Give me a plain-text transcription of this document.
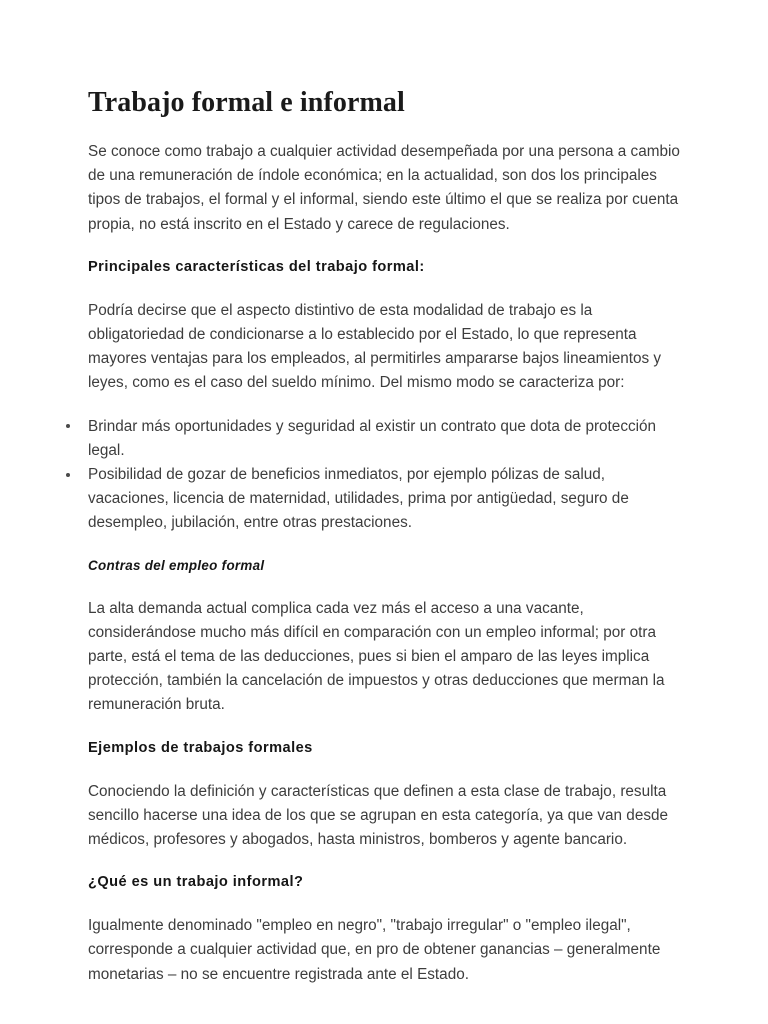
Trabajo formal e informal

Se conoce como trabajo a cualquier actividad desempeñada por una persona a cambio de una remuneración de índole económica; en la actualidad, son dos los principales tipos de trabajos, el formal y el informal, siendo este último el que se realiza por cuenta propia, no está inscrito en el Estado y carece de regulaciones.

Principales características del trabajo formal:

Podría decirse que el aspecto distintivo de esta modalidad de trabajo es la obligatoriedad de condicionarse a lo establecido por el Estado, lo que representa mayores ventajas para los empleados, al permitirles ampararse bajos lineamientos y leyes, como es el caso del sueldo mínimo. Del mismo modo se caracteriza por:

Brindar más oportunidades y seguridad al existir un contrato que dota de protección legal.
Posibilidad de gozar de beneficios inmediatos, por ejemplo pólizas de salud, vacaciones, licencia de maternidad, utilidades, prima por antigüedad, seguro de desempleo, jubilación, entre otras prestaciones.

Contras del empleo formal

La alta demanda actual complica cada vez más el acceso a una vacante, considerándose mucho más difícil en comparación con un empleo informal; por otra parte, está el tema de las deducciones, pues si bien el amparo de las leyes implica protección, también la cancelación de impuestos y otras deducciones que merman la remuneración bruta.

Ejemplos de trabajos formales

Conociendo la definición y características que definen a esta clase de trabajo, resulta sencillo hacerse una idea de los que se agrupan en esta categoría, ya que van desde médicos, profesores y abogados, hasta ministros, bomberos y agente bancario.

¿Qué es un trabajo informal?

Igualmente denominado "empleo en negro", "trabajo irregular" o "empleo ilegal", corresponde a cualquier actividad que, en pro de obtener ganancias – generalmente monetarias – no se encuentre registrada ante el Estado.
